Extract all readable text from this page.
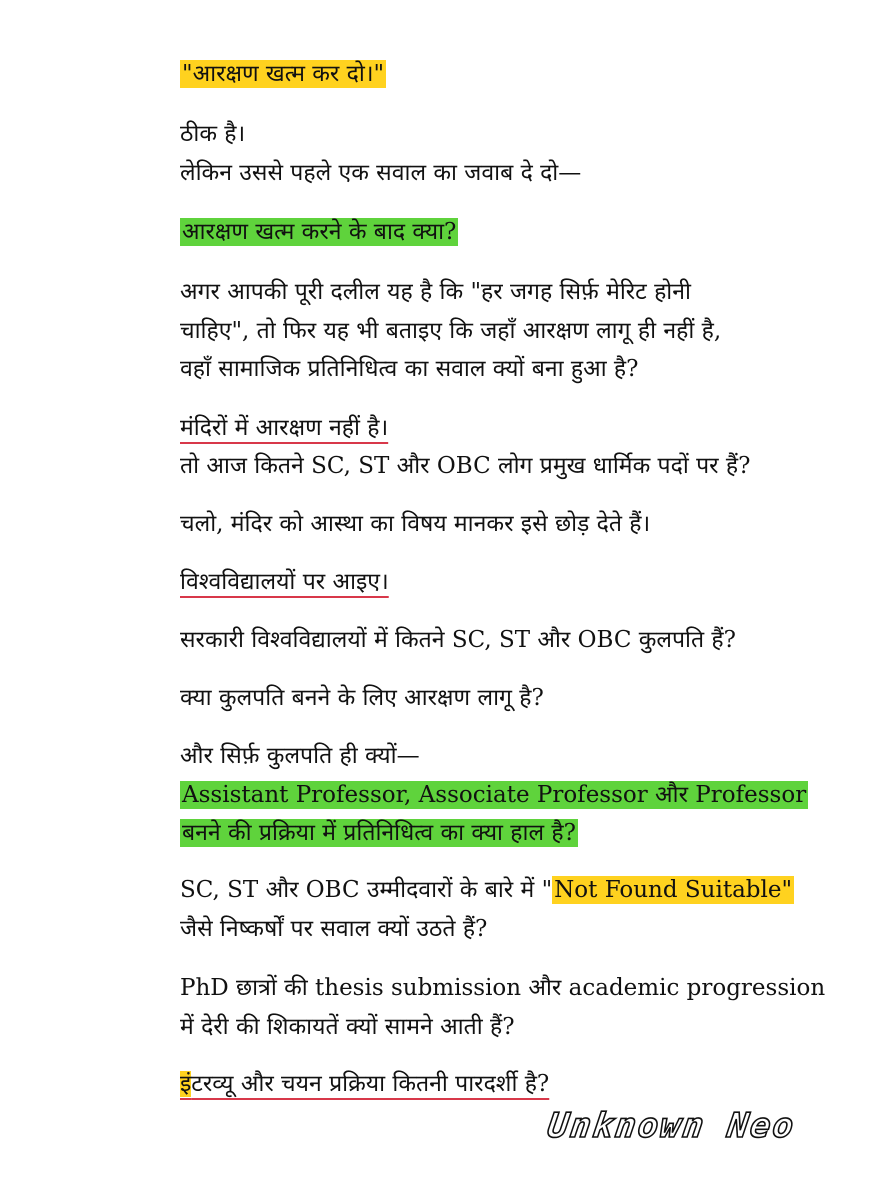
"आरक्षण खत्म कर दो।"
ठीक है।
लेकिन उससे पहले एक सवाल का जवाब दे दो—
आरक्षण खत्म करने के बाद क्या?
अगर आपकी पूरी दलील यह है कि "हर जगह सिर्फ़ मेरिट होनी
चाहिए", तो फिर यह भी बताइए कि जहाँ आरक्षण लागू ही नहीं है,
वहाँ सामाजिक प्रतिनिधित्व का सवाल क्यों बना हुआ है?
मंदिरों में आरक्षण नहीं है।
तो आज कितने SC, ST और OBC लोग प्रमुख धार्मिक पदों पर हैं?
चलो, मंदिर को आस्था का विषय मानकर इसे छोड़ देते हैं।
विश्वविद्यालयों पर आइए।
सरकारी विश्वविद्यालयों में कितने SC, ST और OBC कुलपति हैं?
क्या कुलपति बनने के लिए आरक्षण लागू है?
और सिर्फ़ कुलपति ही क्यों—
Assistant Professor, Associate Professor और Professor
बनने की प्रक्रिया में प्रतिनिधित्व का क्या हाल है?
SC, ST और OBC उम्मीदवारों के बारे में "Not Found Suitable"
जैसे निष्कर्षों पर सवाल क्यों उठते हैं?
PhD छात्रों की thesis submission और academic progression
में देरी की शिकायतें क्यों सामने आती हैं?
इंटरव्यू और चयन प्रक्रिया कितनी पारदर्शी है?
Unknown Neo
